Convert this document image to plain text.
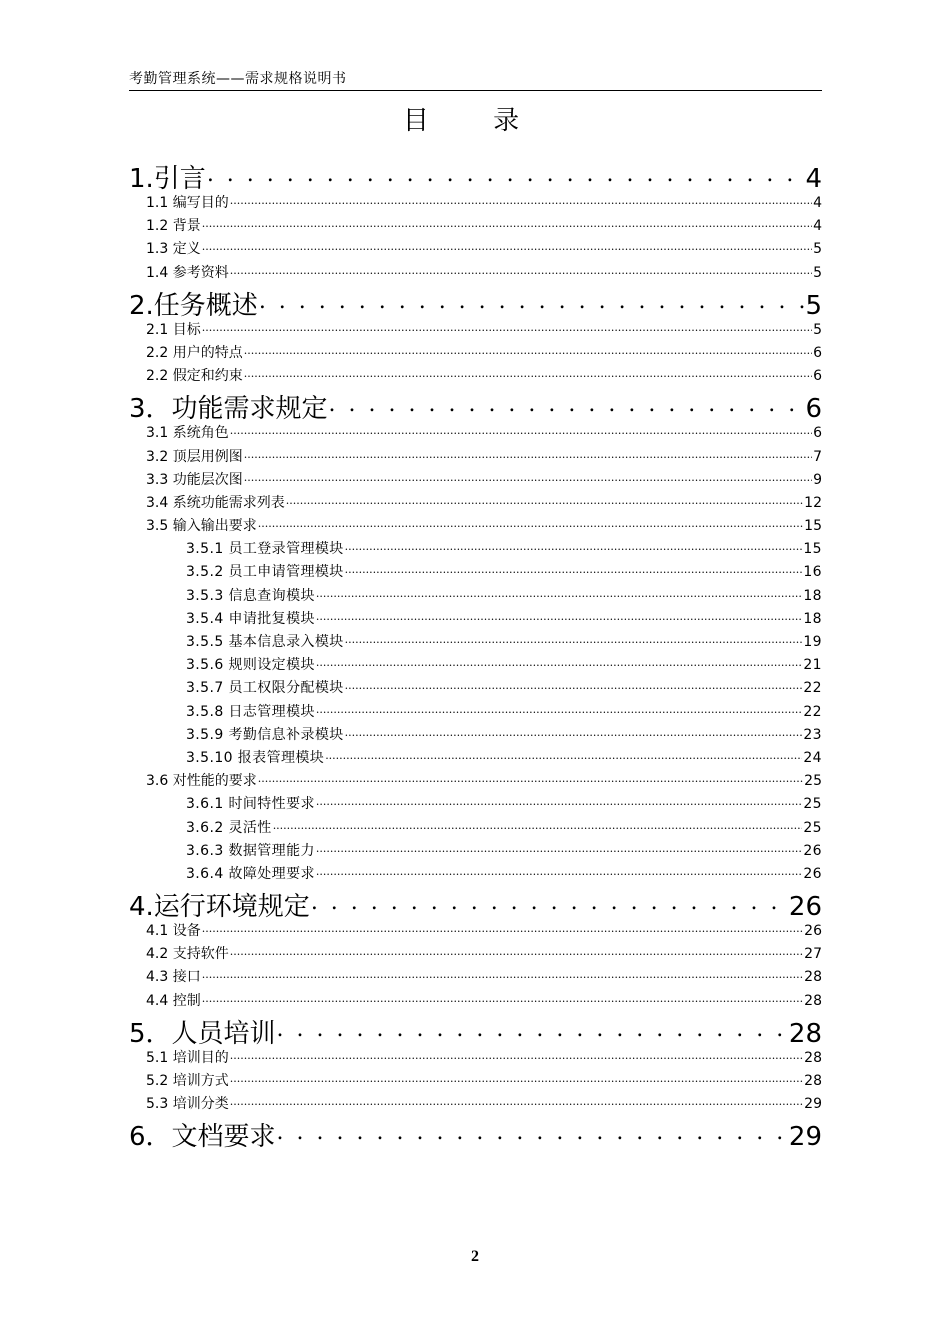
考勤管理系统——需求规格说明书
目 录
1.引言 . . .	4
1.1 编写目的 .....	4
1.2 背景 .....	4
1.3 定义 .....	5
1.4 参考资料 .....	5
2.任务概述 . . .	5
2.1 目标 .....	5
2.2 用户的特点 .....	6
2.2 假定和约束 .....	6
3．功能需求规定 . . .	6
3.1 系统角色 .....	6
3.2 顶层用例图 .....	7
3.3 功能层次图 .....	9
3.4 系统功能需求列表 .....	12
3.5 输入输出要求 .....	15
3.5.1 员工登录管理模块 .....	15
3.5.2 员工申请管理模块 .....	16
3.5.3 信息查询模块 .....	18
3.5.4 申请批复模块 .....	18
3.5.5 基本信息录入模块 .....	19
3.5.6 规则设定模块 .....	21
3.5.7 员工权限分配模块 .....	22
3.5.8 日志管理模块 .....	22
3.5.9 考勤信息补录模块 .....	23
3.5.10 报表管理模块 .....	24
3.6 对性能的要求 .....	25
3.6.1 时间特性要求 .....	25
3.6.2 灵活性 .....	25
3.6.3 数据管理能力 .....	26
3.6.4 故障处理要求 .....	26
4.运行环境规定 . . .	26
4.1 设备 .....	26
4.2 支持软件 .....	27
4.3 接口 .....	28
4.4 控制 .....	28
5．人员培训 . . .	28
5.1 培训目的 .....	28
5.2 培训方式 .....	28
5.3 培训分类 .....	29
6．文档要求 . . .	29
2
